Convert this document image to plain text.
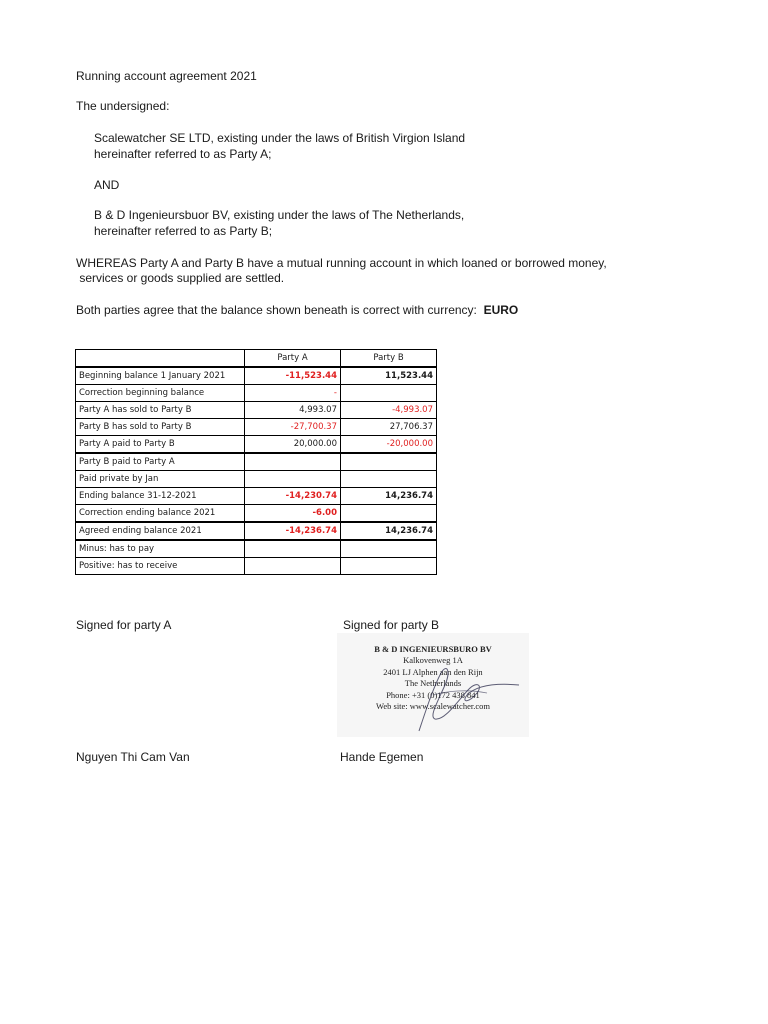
Running account agreement 2021
The undersigned:
Scalewatcher SE LTD, existing under the laws of British Virgion Island
hereinafter referred to as Party A;
AND
B & D Ingenieursbuor BV, existing under the laws of The Netherlands,
hereinafter referred to as Party B;
WHEREAS Party A and Party B have a mutual running account in which loaned or borrowed money,
services or goods supplied are settled.
Both parties agree that the balance shown beneath is correct with currency: EURO
	Party A	Party B
Beginning balance 1 January 2021	-11,523.44	11,523.44
Correction beginning balance	-	
Party A has sold to Party B	4,993.07	-4,993.07
Party B has sold to Party B	-27,700.37	27,706.37
Party A paid to Party B	20,000.00	-20,000.00
Party B paid to Party A		
Paid private by Jan		
Ending balance 31-12-2021	-14,230.74	14,236.74
Correction ending balance 2021	-6.00	
Agreed ending balance 2021	-14,236.74	14,236.74
Minus: has to pay		
Positive: has to receive		
Signed for party A	Signed for party B
B & D INGENIEURSBURO BV
Kalkovenweg 1A
2401 LJ Alphen aan den Rijn
The Netherlands
Phone: +31 (0)172 438 841
Web site: www.scalewatcher.com
Nguyen Thi Cam Van	Hande Egemen
